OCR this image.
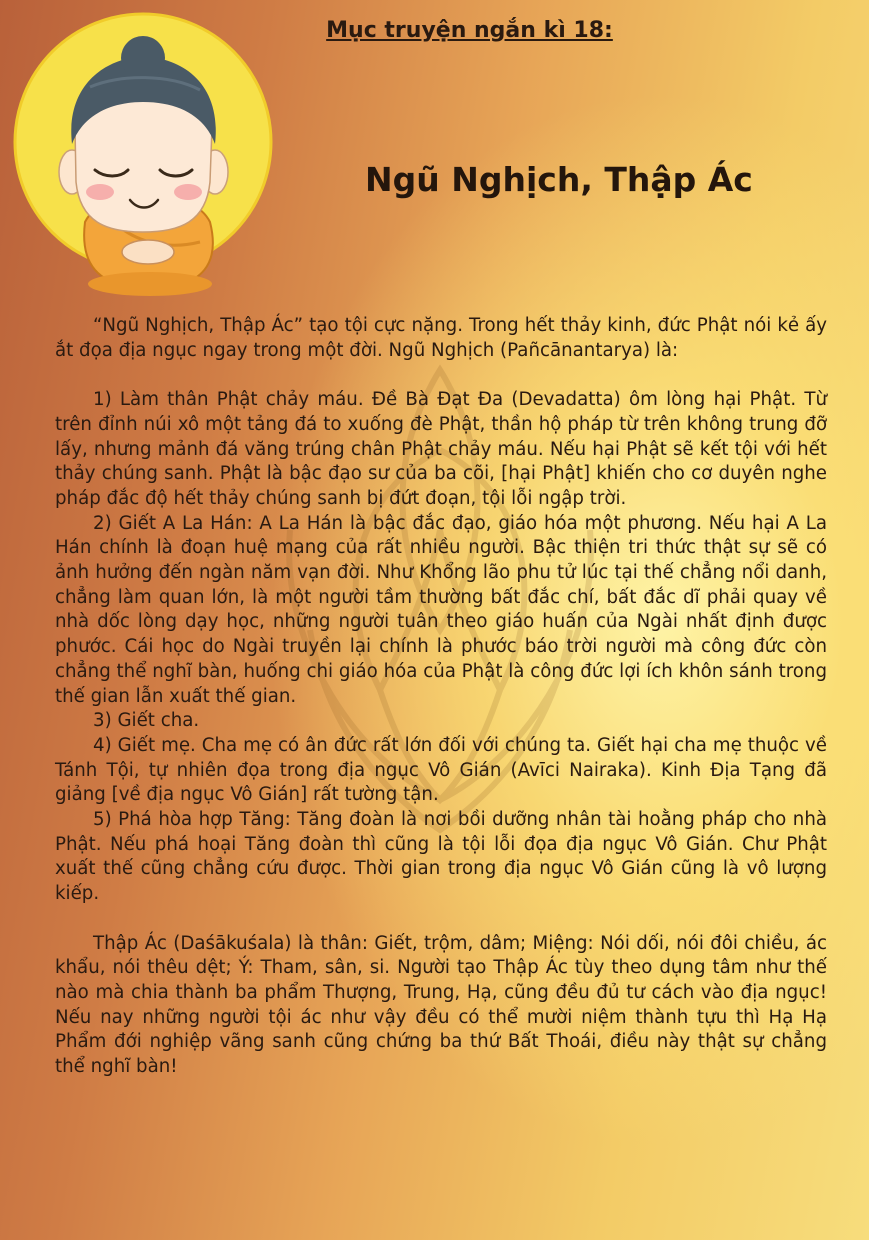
Mục truyện ngắn kì 18:
Ngũ Nghịch, Thập Ác

“Ngũ Nghịch, Thập Ác” tạo tội cực nặng. Trong hết thảy kinh, đức Phật nói kẻ ấy ắt đọa địa ngục ngay trong một đời. Ngũ Nghịch (Pañcānantarya) là:

1) Làm thân Phật chảy máu. Đề Bà Đạt Đa (Devadatta) ôm lòng hại Phật. Từ trên đỉnh núi xô một tảng đá to xuống đè Phật, thần hộ pháp từ trên không trung đỡ lấy, nhưng mảnh đá văng trúng chân Phật chảy máu. Nếu hại Phật sẽ kết tội với hết thảy chúng sanh. Phật là bậc đạo sư của ba cõi, [hại Phật] khiến cho cơ duyên nghe pháp đắc độ hết thảy chúng sanh bị đứt đoạn, tội lỗi ngập trời.

2) Giết A La Hán: A La Hán là bậc đắc đạo, giáo hóa một phương. Nếu hại A La Hán chính là đoạn huệ mạng của rất nhiều người. Bậc thiện tri thức thật sự sẽ có ảnh hưởng đến ngàn năm vạn đời. Như Khổng lão phu tử lúc tại thế chẳng nổi danh, chẳng làm quan lớn, là một người tầm thường bất đắc chí, bất đắc dĩ phải quay về nhà dốc lòng dạy học, những người tuân theo giáo huấn của Ngài nhất định được phước. Cái học do Ngài truyền lại chính là phước báo trời người mà công đức còn chẳng thể nghĩ bàn, huống chi giáo hóa của Phật là công đức lợi ích khôn sánh trong thế gian lẫn xuất thế gian.

3) Giết cha.

4) Giết mẹ. Cha mẹ có ân đức rất lớn đối với chúng ta. Giết hại cha mẹ thuộc về Tánh Tội, tự nhiên đọa trong địa ngục Vô Gián (Avīci Nairaka). Kinh Địa Tạng đã giảng [về địa ngục Vô Gián] rất tường tận.

5) Phá hòa hợp Tăng: Tăng đoàn là nơi bồi dưỡng nhân tài hoằng pháp cho nhà Phật. Nếu phá hoại Tăng đoàn thì cũng là tội lỗi đọa địa ngục Vô Gián. Chư Phật xuất thế cũng chẳng cứu được. Thời gian trong địa ngục Vô Gián cũng là vô lượng kiếp.

Thập Ác (Daśākuśala) là thân: Giết, trộm, dâm; Miệng: Nói dối, nói đôi chiều, ác khẩu, nói thêu dệt; Ý: Tham, sân, si. Người tạo Thập Ác tùy theo dụng tâm như thế nào mà chia thành ba phẩm Thượng, Trung, Hạ, cũng đều đủ tư cách vào địa ngục! Nếu nay những người tội ác như vậy đều có thể mười niệm thành tựu thì Hạ Hạ Phẩm đới nghiệp vãng sanh cũng chứng ba thứ Bất Thoái, điều này thật sự chẳng thể nghĩ bàn!
